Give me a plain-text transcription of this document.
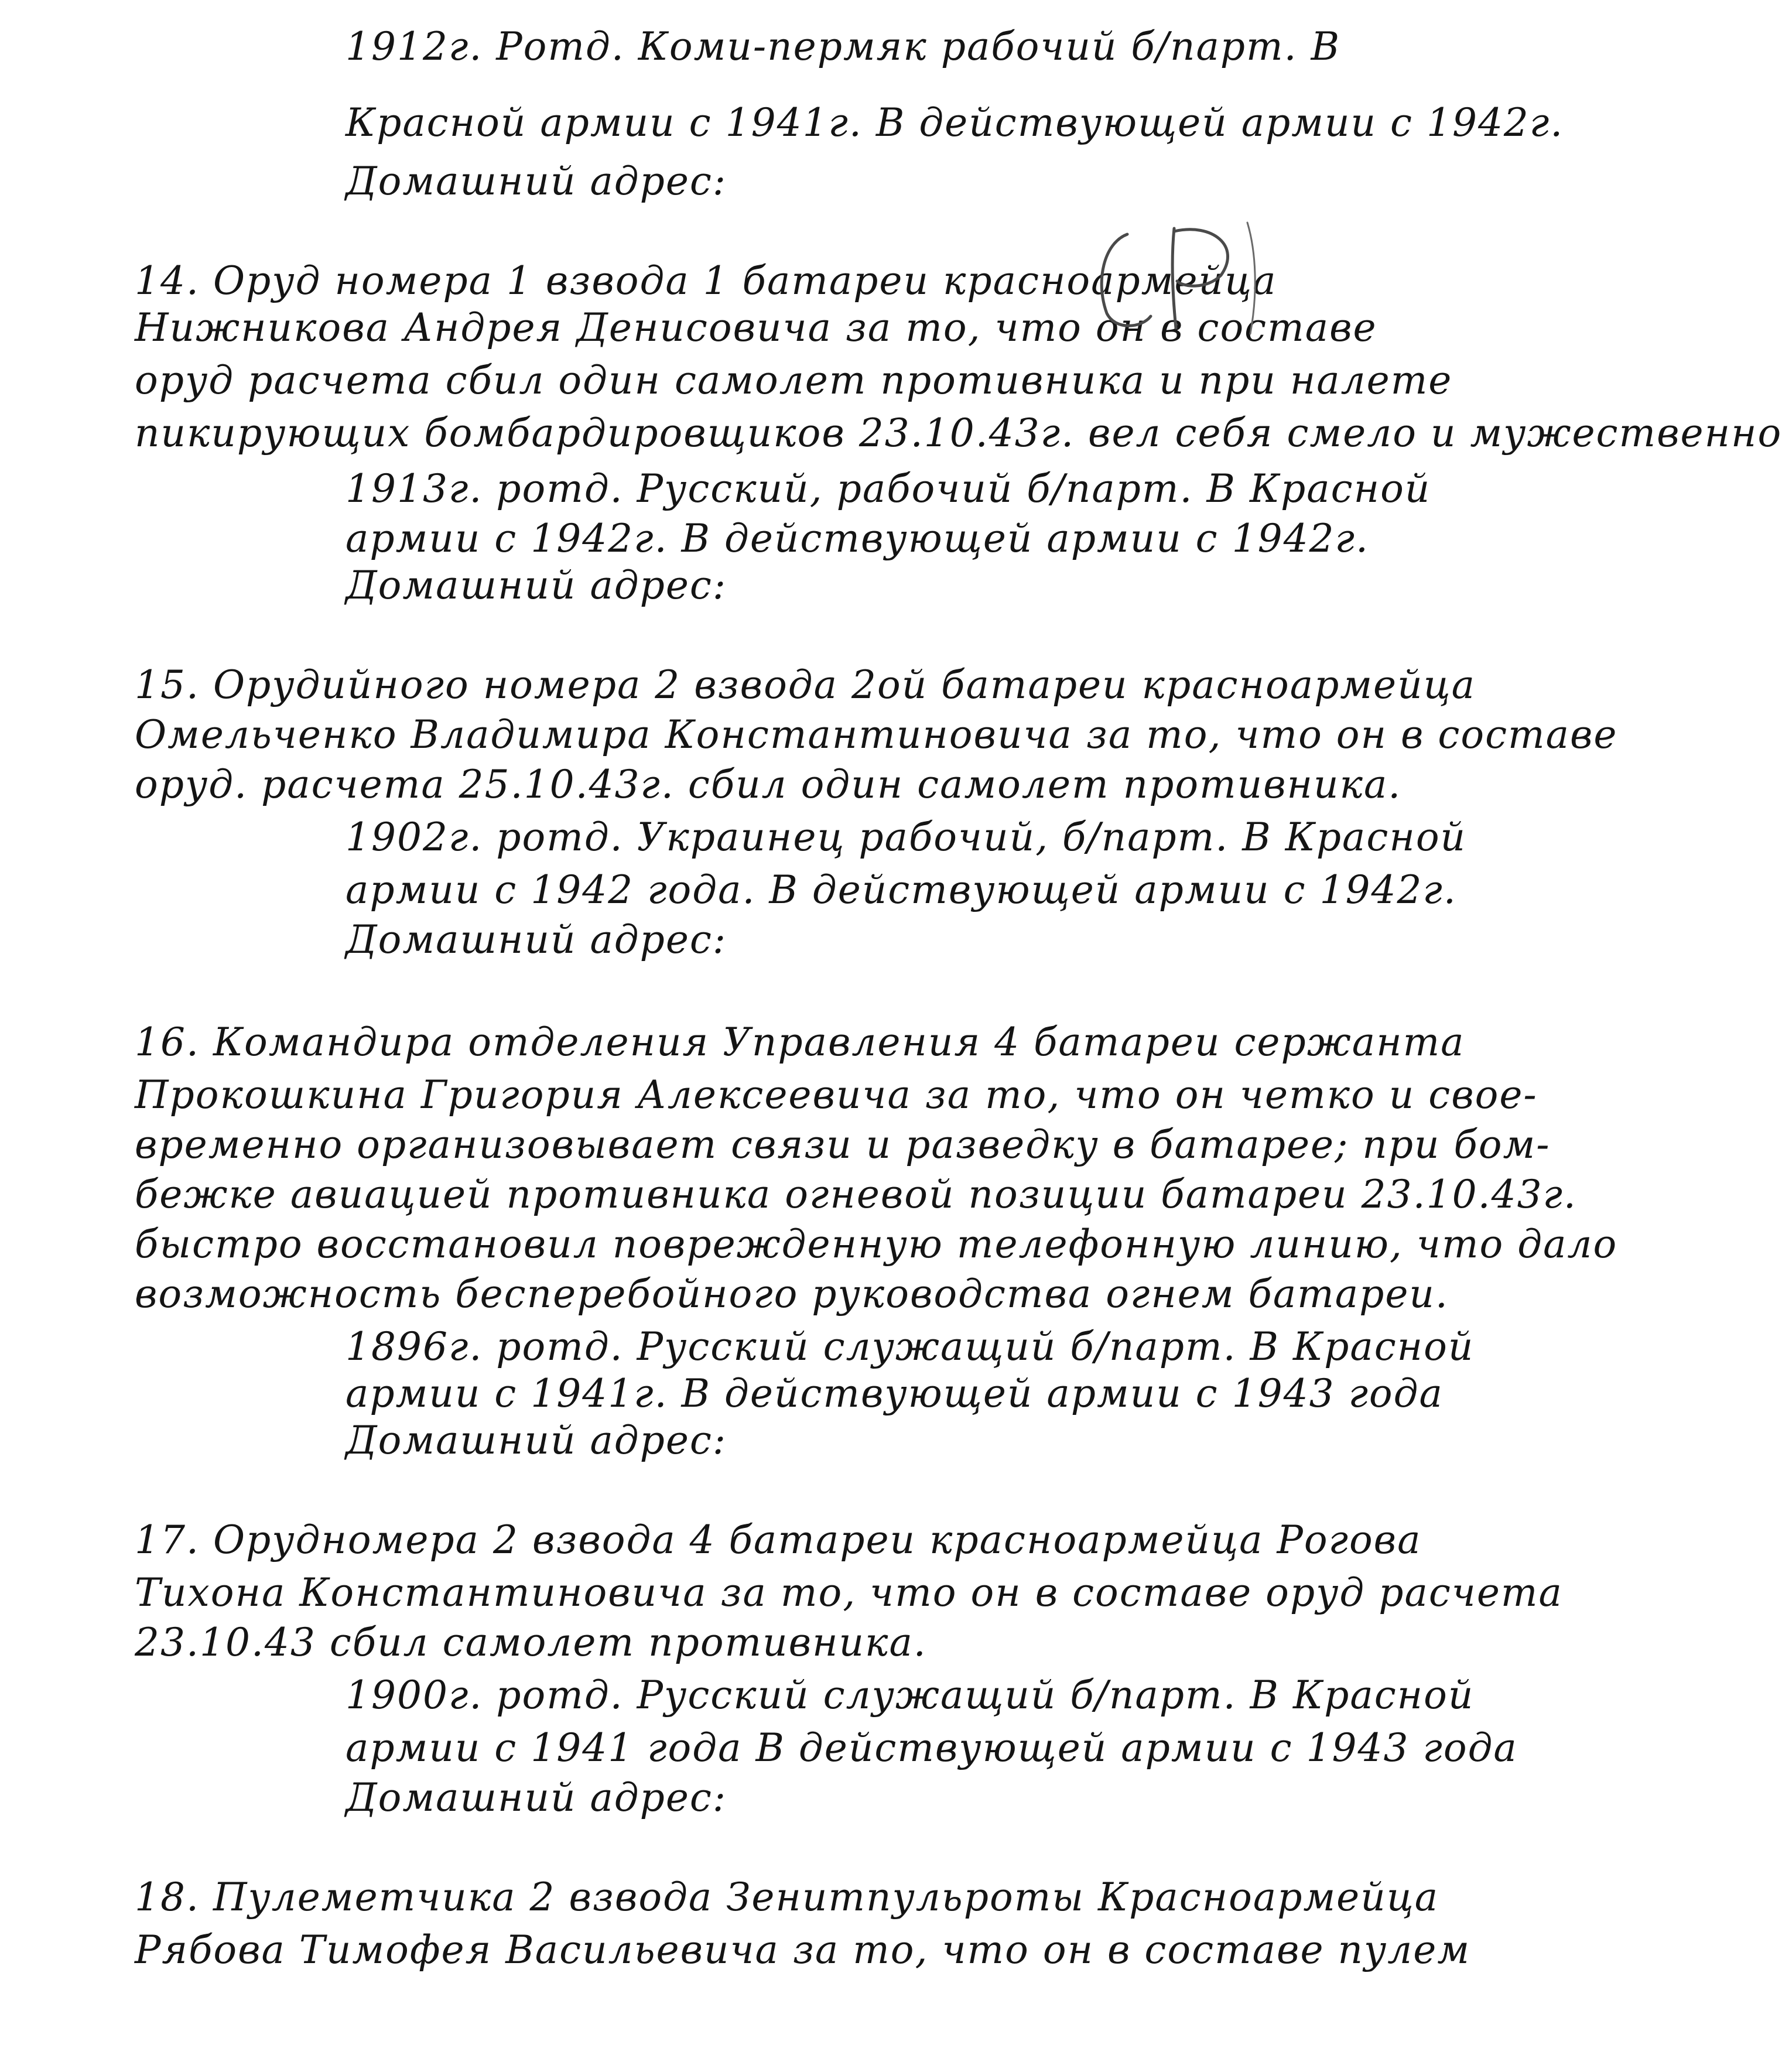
1912г. Ротд. Коми-пермяк рабочий б/парт. В
Красной армии с 1941г. В действующей армии с 1942г.
Домашний адрес:
14. Оруд номера 1 взвода 1 батареи красноармейца
Нижникова Андрея Денисовича за то, что он в составе
оруд расчета сбил один самолет противника и при налете
пикирующих бомбардировщиков 23.10.43г. вел себя смело и мужественно
1913г. ротд. Русский, рабочий б/парт. В Красной
армии с 1942г. В действующей армии с 1942г.
Домашний адрес:
15. Орудийного номера 2 взвода 2ой батареи красноармейца
Омельченко Владимира Константиновича за то, что он в составе
оруд. расчета 25.10.43г. сбил один самолет противника.
1902г. ротд. Украинец рабочий, б/парт. В Красной
армии с 1942 года. В действующей армии с 1942г.
Домашний адрес:
16. Командира отделения Управления 4 батареи сержанта
Прокошкина Григория Алексеевича за то, что он четко и свое-
временно организовывает связи и разведку в батарее; при бом-
бежке авиацией противника огневой позиции батареи 23.10.43г.
быстро восстановил поврежденную телефонную линию, что дало
возможность бесперебойного руководства огнем батареи.
1896г. ротд. Русский служащий б/парт. В Красной
армии с 1941г. В действующей армии с 1943 года
Домашний адрес:
17. Орудномера 2 взвода 4 батареи красноармейца Рогова
Тихона Константиновича за то, что он в составе оруд расчета
23.10.43 сбил самолет противника.
1900г. ротд. Русский служащий б/парт. В Красной
армии с 1941 года В действующей армии с 1943 года
Домашний адрес:
18. Пулеметчика 2 взвода Зенитпульроты Красноармейца
Рябова Тимофея Васильевича за то, что он в составе пулем
